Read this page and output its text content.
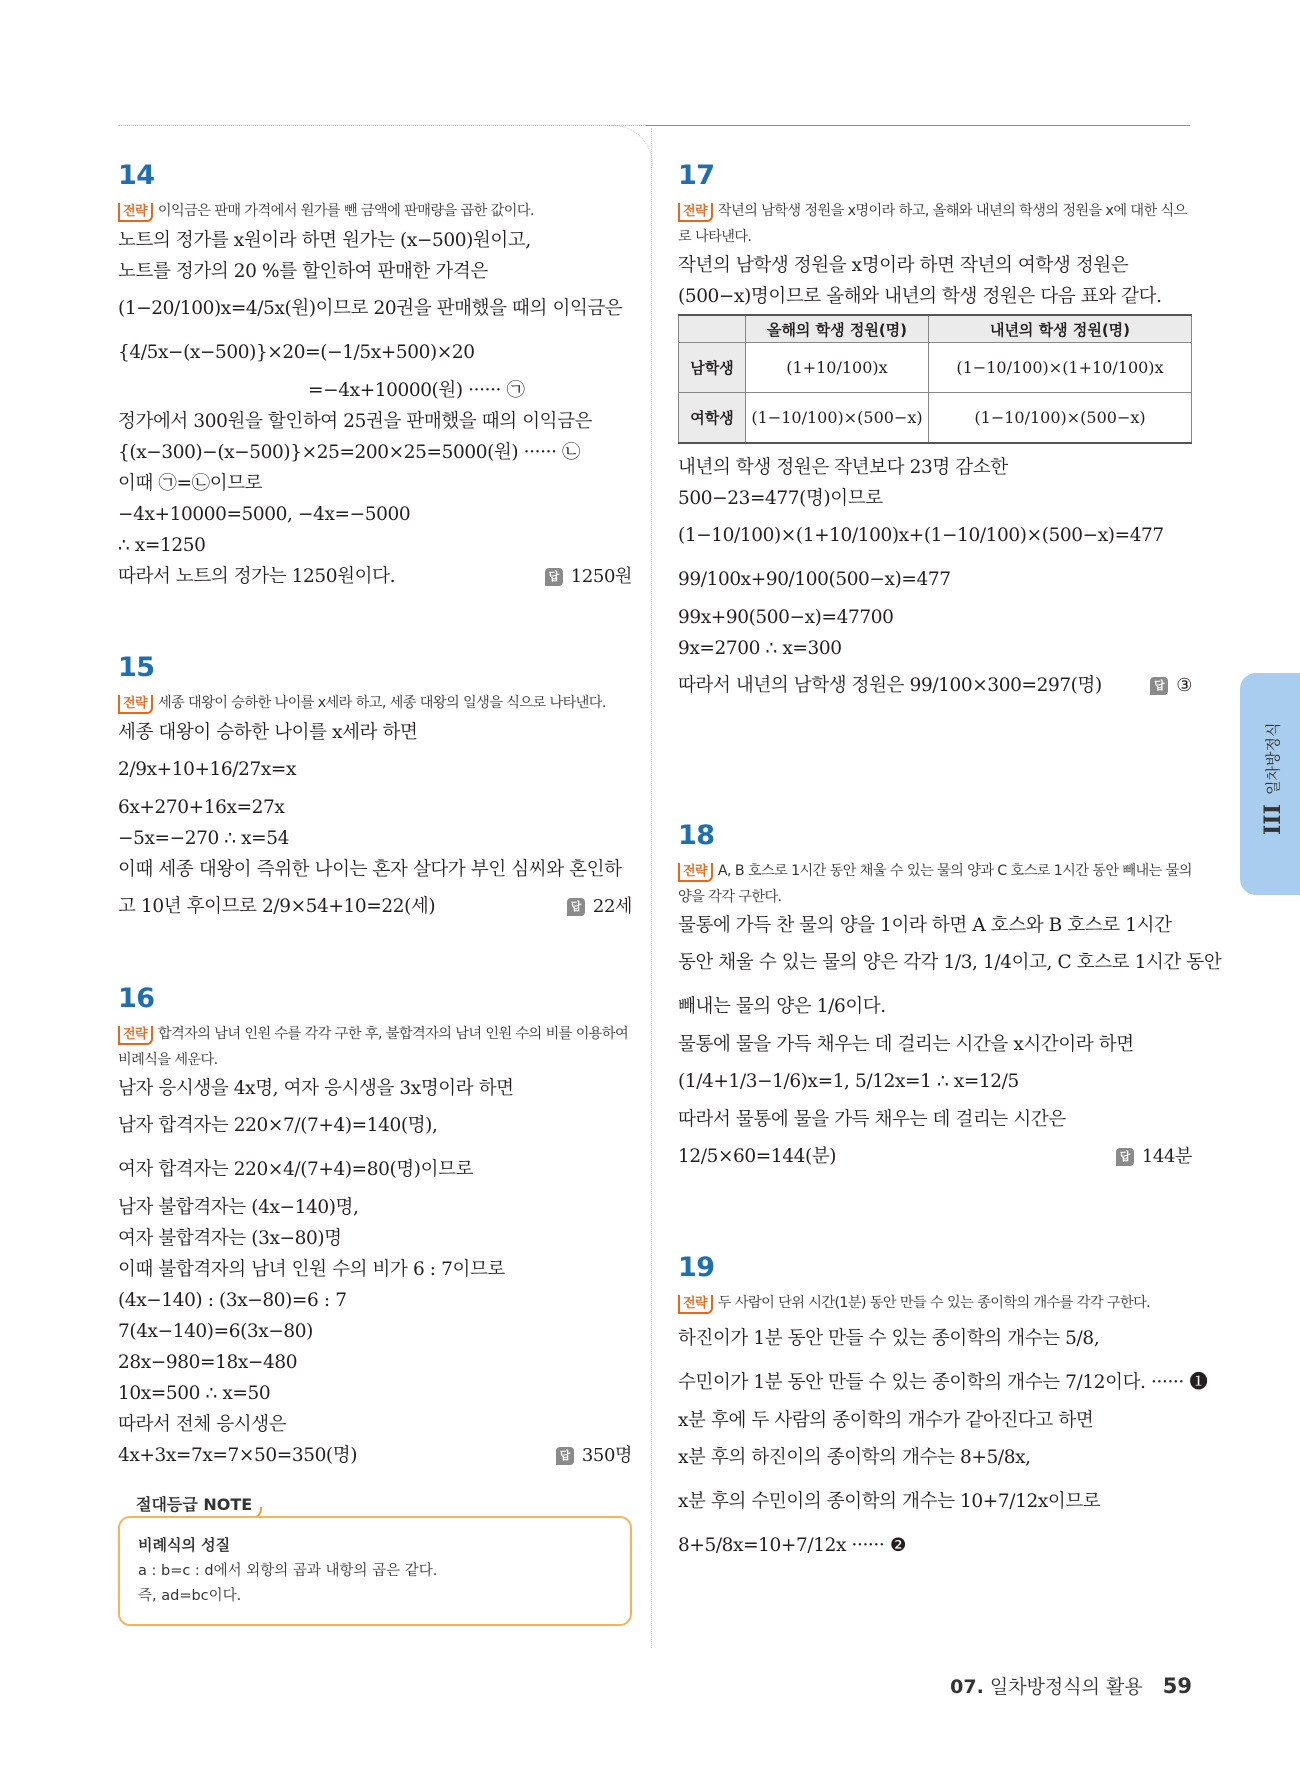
14
전략 이익금은 판매 가격에서 원가를 뺀 금액에 판매량을 곱한 값이다.
노트의 정가를 x원이라 하면 원가는 (x−500)원이고,
노트를 정가의 20 %를 할인하여 판매한 가격은
(1−20/100)x=4/5x(원)이므로 20권을 판매했을 때의 이익금은
{4/5x−(x−500)}×20=(−1/5x+500)×20
=−4x+10000(원) ······ ㉠
정가에서 300원을 할인하여 25권을 판매했을 때의 이익금은
{(x−300)−(x−500)}×25=200×25=5000(원) ······ ㉡
이때 ㉠=㉡이므로
−4x+10000=5000, −4x=−5000
∴ x=1250
따라서 노트의 정가는 1250원이다.	답 1250원
15
전략 세종 대왕이 승하한 나이를 x세라 하고, 세종 대왕의 일생을 식으로 나타낸다.
세종 대왕이 승하한 나이를 x세라 하면
2/9x+10+16/27x=x
6x+270+16x=27x
−5x=−270 ∴ x=54
이때 세종 대왕이 즉위한 나이는 혼자 살다가 부인 심씨와 혼인하
고 10년 후이므로 2/9×54+10=22(세)	답 22세
16
전략 합격자의 남녀 인원 수를 각각 구한 후, 불합격자의 남녀 인원 수의 비를 이용하여 비례식을 세운다.
남자 응시생을 4x명, 여자 응시생을 3x명이라 하면
남자 합격자는 220×7/(7+4)=140(명),
여자 합격자는 220×4/(7+4)=80(명)이므로
남자 불합격자는 (4x−140)명,
여자 불합격자는 (3x−80)명
이때 불합격자의 남녀 인원 수의 비가 6 : 7이므로
(4x−140) : (3x−80)=6 : 7
7(4x−140)=6(3x−80)
28x−980=18x−480
10x=500 ∴ x=50
따라서 전체 응시생은
4x+3x=7x=7×50=350(명)	답 350명
절대등급 NOTE
비례식의 성질
a : b=c : d에서 외항의 곱과 내항의 곱은 같다.
즉, ad=bc이다.
17
전략 작년의 남학생 정원을 x명이라 하고, 올해와 내년의 학생의 정원을 x에 대한 식으로 나타낸다.
작년의 남학생 정원을 x명이라 하면 작년의 여학생 정원은
(500−x)명이므로 올해와 내년의 학생 정원은 다음 표와 같다.
	올해의 학생 정원(명)	내년의 학생 정원(명)
남학생	(1+10/100)x	(1−10/100)×(1+10/100)x
여학생	(1−10/100)×(500−x)	(1−10/100)×(500−x)
내년의 학생 정원은 작년보다 23명 감소한
500−23=477(명)이므로
(1−10/100)×(1+10/100)x+(1−10/100)×(500−x)=477
99/100x+90/100(500−x)=477
99x+90(500−x)=47700
9x=2700 ∴ x=300
따라서 내년의 남학생 정원은 99/100×300=297(명)	답 ③
18
전략 A, B 호스로 1시간 동안 채울 수 있는 물의 양과 C 호스로 1시간 동안 빼내는 물의 양을 각각 구한다.
물통에 가득 찬 물의 양을 1이라 하면 A 호스와 B 호스로 1시간
동안 채울 수 있는 물의 양은 각각 1/3, 1/4이고, C 호스로 1시간 동안
빼내는 물의 양은 1/6이다.
물통에 물을 가득 채우는 데 걸리는 시간을 x시간이라 하면
(1/4+1/3−1/6)x=1, 5/12x=1 ∴ x=12/5
따라서 물통에 물을 가득 채우는 데 걸리는 시간은
12/5×60=144(분)	답 144분
19
전략 두 사람이 단위 시간(1분) 동안 만들 수 있는 종이학의 개수를 각각 구한다.
하진이가 1분 동안 만들 수 있는 종이학의 개수는 5/8,
수민이가 1분 동안 만들 수 있는 종이학의 개수는 7/12이다. ······ ❶
x분 후에 두 사람의 종이학의 개수가 같아진다고 하면
x분 후의 하진이의 종이학의 개수는 8+5/8x,
x분 후의 수민이의 종이학의 개수는 10+7/12x이므로
8+5/8x=10+7/12x ······ ❷
III
일차방정식
07. 일차방정식의 활용 59
